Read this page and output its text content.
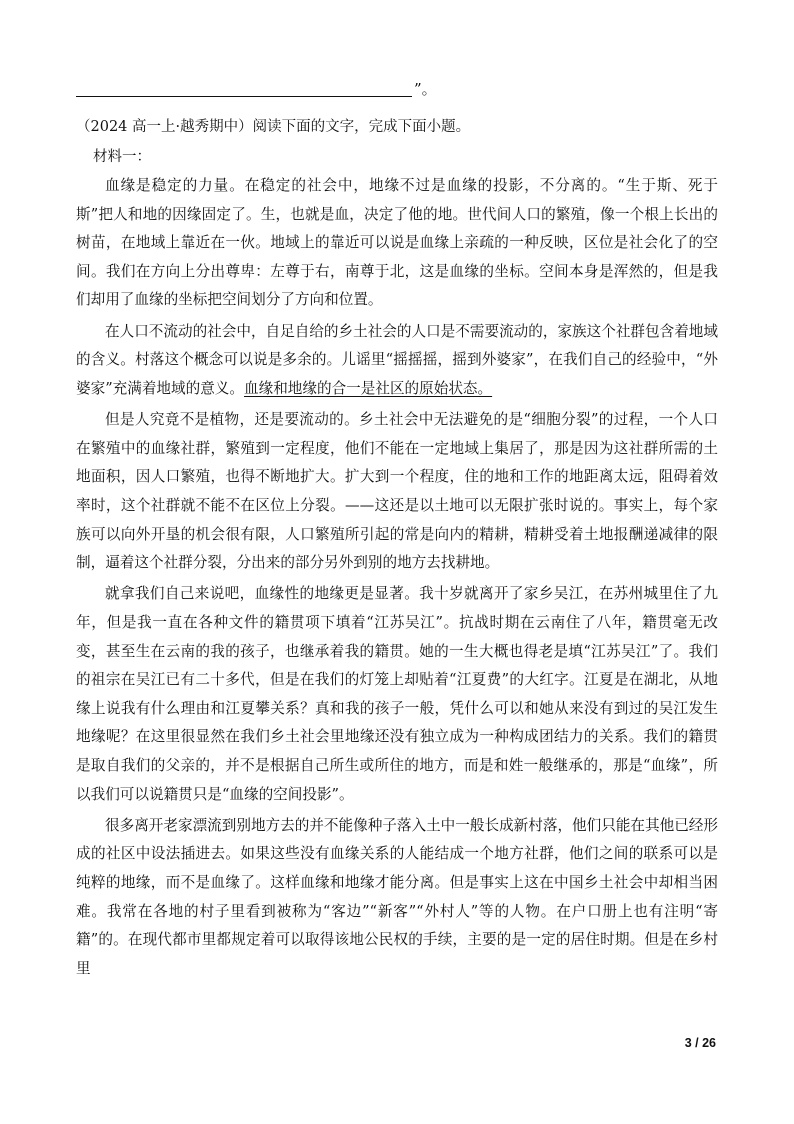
”。
（2024 高一上·越秀期中）阅读下面的文字，完成下面小题。
材料一：

血缘是稳定的力量。在稳定的社会中，地缘不过是血缘的投影，不分离的。“生于斯、死于斯”把人和地的因缘固定了。生，也就是血，决定了他的地。世代间人口的繁殖，像一个根上长出的树苗，在地域上靠近在一伙。地域上的靠近可以说是血缘上亲疏的一种反映，区位是社会化了的空间。我们在方向上分出尊卑：左尊于右，南尊于北，这是血缘的坐标。空间本身是浑然的，但是我们却用了血缘的坐标把空间划分了方向和位置。

在人口不流动的社会中，自足自给的乡土社会的人口是不需要流动的，家族这个社群包含着地域的含义。村落这个概念可以说是多余的。儿谣里“摇摇摇，摇到外婆家”，在我们自己的经验中，“外婆家”充满着地域的意义。血缘和地缘的合一是社区的原始状态。

但是人究竟不是植物，还是要流动的。乡土社会中无法避免的是“细胞分裂”的过程，一个人口在繁殖中的血缘社群，繁殖到一定程度，他们不能在一定地域上集居了，那是因为这社群所需的土地面积，因人口繁殖，也得不断地扩大。扩大到一个程度，住的地和工作的地距离太远，阻碍着效率时，这个社群就不能不在区位上分裂。——这还是以土地可以无限扩张时说的。事实上，每个家族可以向外开垦的机会很有限，人口繁殖所引起的常是向内的精耕，精耕受着土地报酬递减律的限制，逼着这个社群分裂，分出来的部分另外到别的地方去找耕地。

就拿我们自己来说吧，血缘性的地缘更是显著。我十岁就离开了家乡吴江，在苏州城里住了九年，但是我一直在各种文件的籍贯项下填着“江苏吴江”。抗战时期在云南住了八年，籍贯毫无改变，甚至生在云南的我的孩子，也继承着我的籍贯。她的一生大概也得老是填“江苏吴江”了。我们的祖宗在吴江已有二十多代，但是在我们的灯笼上却贴着“江夏费”的大红字。江夏是在湖北，从地缘上说我有什么理由和江夏攀关系？真和我的孩子一般，凭什么可以和她从来没有到过的吴江发生地缘呢？在这里很显然在我们乡土社会里地缘还没有独立成为一种构成团结力的关系。我们的籍贯是取自我们的父亲的，并不是根据自己所生或所住的地方，而是和姓一般继承的，那是“血缘”，所以我们可以说籍贯只是“血缘的空间投影”。

很多离开老家漂流到别地方去的并不能像种子落入土中一般长成新村落，他们只能在其他已经形成的社区中设法插进去。如果这些没有血缘关系的人能结成一个地方社群，他们之间的联系可以是纯粹的地缘，而不是血缘了。这样血缘和地缘才能分离。但是事实上这在中国乡土社会中却相当困难。我常在各地的村子里看到被称为“客边”“新客”“外村人”等的人物。在户口册上也有注明“寄籍”的。在现代都市里都规定着可以取得该地公民权的手续，主要的是一定的居住时期。但是在乡村里

3 / 26
